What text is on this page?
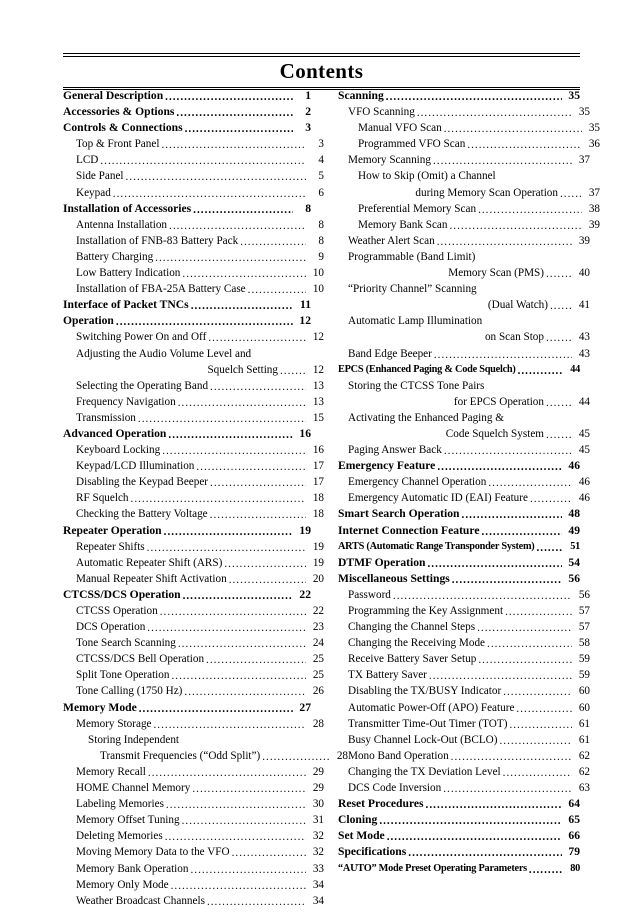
Contents
General Description .....	1
Accessories & Options .....	2
Controls & Connections .....	3
Top & Front Panel .....	3
LCD .....	4
Side Panel .....	5
Keypad .....	6
Installation of Accessories .....	8
Antenna Installation .....	8
Installation of FNB-83 Battery Pack .....	8
Battery Charging .....	9
Low Battery Indication .....	10
Installation of FBA-25A Battery Case .....	10
Interface of Packet TNCs .....	11
Operation .....	12
Switching Power On and Off .....	12
Adjusting the Audio Volume Level and
Squelch Setting .....	12
Selecting the Operating Band .....	13
Frequency Navigation .....	13
Transmission .....	15
Advanced Operation .....	16
Keyboard Locking .....	16
Keypad/LCD Illumination .....	17
Disabling the Keypad Beeper .....	17
RF Squelch .....	18
Checking the Battery Voltage .....	18
Repeater Operation .....	19
Repeater Shifts .....	19
Automatic Repeater Shift (ARS) .....	19
Manual Repeater Shift Activation .....	20
CTCSS/DCS Operation .....	22
CTCSS Operation .....	22
DCS Operation .....	23
Tone Search Scanning .....	24
CTCSS/DCS Bell Operation .....	25
Split Tone Operation .....	25
Tone Calling (1750 Hz) .....	26
Memory Mode .....	27
Memory Storage .....	28
Storing Independent
Transmit Frequencies (“Odd Split”) .....	28
Memory Recall .....	29
HOME Channel Memory .....	29
Labeling Memories .....	30
Memory Offset Tuning .....	31
Deleting Memories .....	32
Moving Memory Data to the VFO .....	32
Memory Bank Operation .....	33
Memory Only Mode .....	34
Weather Broadcast Channels .....	34
Scanning .....	35
VFO Scanning .....	35
Manual VFO Scan .....	35
Programmed VFO Scan .....	36
Memory Scanning .....	37
How to Skip (Omit) a Channel
during Memory Scan Operation .....	37
Preferential Memory Scan .....	38
Memory Bank Scan .....	39
Weather Alert Scan .....	39
Programmable (Band Limit)
Memory Scan (PMS) .....	40
“Priority Channel” Scanning
(Dual Watch) .....	41
Automatic Lamp Illumination
on Scan Stop .....	43
Band Edge Beeper .....	43
EPCS (Enhanced Paging & Code Squelch) .....	44
Storing the CTCSS Tone Pairs
for EPCS Operation .....	44
Activating the Enhanced Paging &
Code Squelch System .....	45
Paging Answer Back .....	45
Emergency Feature .....	46
Emergency Channel Operation .....	46
Emergency Automatic ID (EAI) Feature .....	46
Smart Search Operation .....	48
Internet Connection Feature .....	49
ARTS (Automatic Range Transponder System) .....	51
DTMF Operation .....	54
Miscellaneous Settings .....	56
Password .....	56
Programming the Key Assignment .....	57
Changing the Channel Steps .....	57
Changing the Receiving Mode .....	58
Receive Battery Saver Setup .....	59
TX Battery Saver .....	59
Disabling the TX/BUSY Indicator .....	60
Automatic Power-Off (APO) Feature .....	60
Transmitter Time-Out Timer (TOT) .....	61
Busy Channel Lock-Out (BCLO) .....	61
Mono Band Operation .....	62
Changing the TX Deviation Level .....	62
DCS Code Inversion .....	63
Reset Procedures .....	64
Cloning .....	65
Set Mode .....	66
Specifications .....	79
“AUTO” Mode Preset Operating Parameters .....	80
